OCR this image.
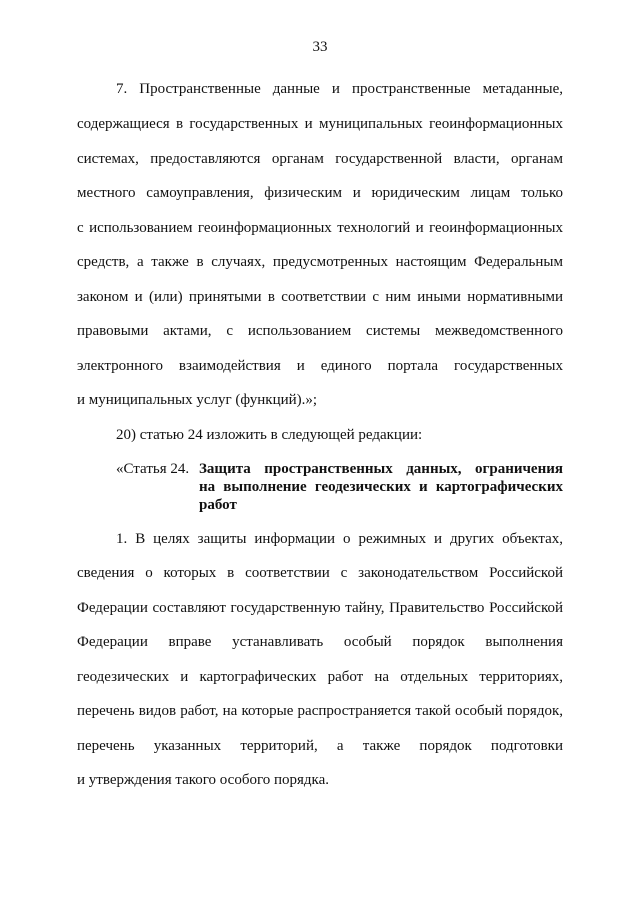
33
7. Пространственные данные и пространственные метаданные,
содержащиеся в государственных и муниципальных геоинформационных
системах, предоставляются органам государственной власти, органам
местного самоуправления, физическим и юридическим лицам только
с использованием геоинформационных технологий и геоинформационных
средств, а также в случаях, предусмотренных настоящим Федеральным
законом и (или) принятыми в соответствии с ним иными нормативными
правовыми актами, с использованием системы межведомственного
электронного взаимодействия и единого портала государственных
и муниципальных услуг (функций).»;
20) статью 24 изложить в следующей редакции:
«Статья 24. Защита пространственных данных, ограничения
на выполнение геодезических и картографических
работ
1. В целях защиты информации о режимных и других объектах,
сведения о которых в соответствии с законодательством Российской
Федерации составляют государственную тайну, Правительство Российской
Федерации вправе устанавливать особый порядок выполнения
геодезических и картографических работ на отдельных территориях,
перечень видов работ, на которые распространяется такой особый порядок,
перечень указанных территорий, а также порядок подготовки
и утверждения такого особого порядка.
